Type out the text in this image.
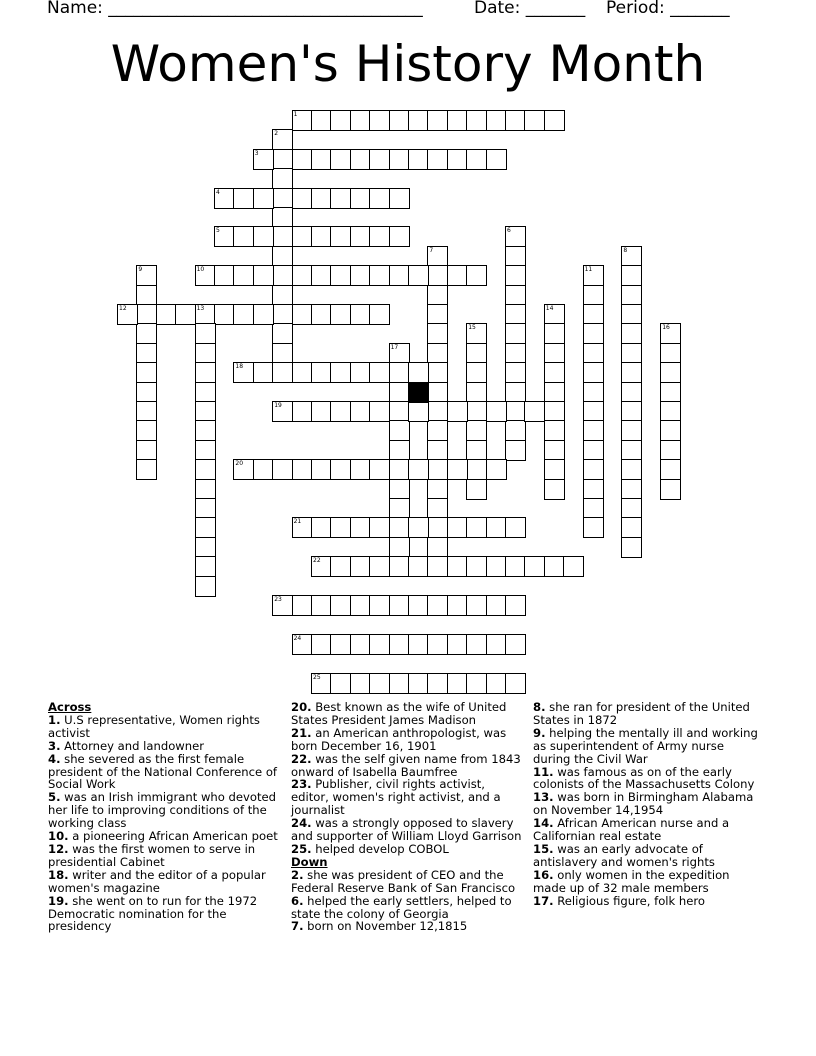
Name: _____________________________________	Date: _______ Period: _______
Women's History Month
1
2
3
4
5	6
7	8
9	10	11
12	13	14
15	16
17
18
19
20
21
22
23
24
25

Across

1. U.S representative, Women rights activist

3. Attorney and landowner

4. she severed as the first female president of the National Conference of Social Work

5. was an Irish immigrant who devoted her life to improving conditions of the working class

10. a pioneering African American poet

12. was the first women to serve in presidential Cabinet

18. writer and the editor of a popular women's magazine

19. she went on to run for the 1972 Democratic nomination for the presidency

20. Best known as the wife of United States President James Madison

21. an American anthropologist, was born December 16, 1901

22. was the self given name from 1843 onward of Isabella Baumfree

23. Publisher, civil rights activist, editor, women's right activist, and a journalist

24. was a strongly opposed to slavery and supporter of William Lloyd Garrison

25. helped develop COBOL

Down

2. she was president of CEO and the Federal Reserve Bank of San Francisco

6. helped the early settlers, helped to state the colony of Georgia

7. born on November 12,1815

8. she ran for president of the United States in 1872

9. helping the mentally ill and working as superintendent of Army nurse during the Civil War

11. was famous as on of the early colonists of the Massachusetts Colony

13. was born in Birmingham Alabama on November 14,1954

14. African American nurse and a Californian real estate

15. was an early advocate of antislavery and women's rights

16. only women in the expedition made up of 32 male members

17. Religious figure, folk hero
